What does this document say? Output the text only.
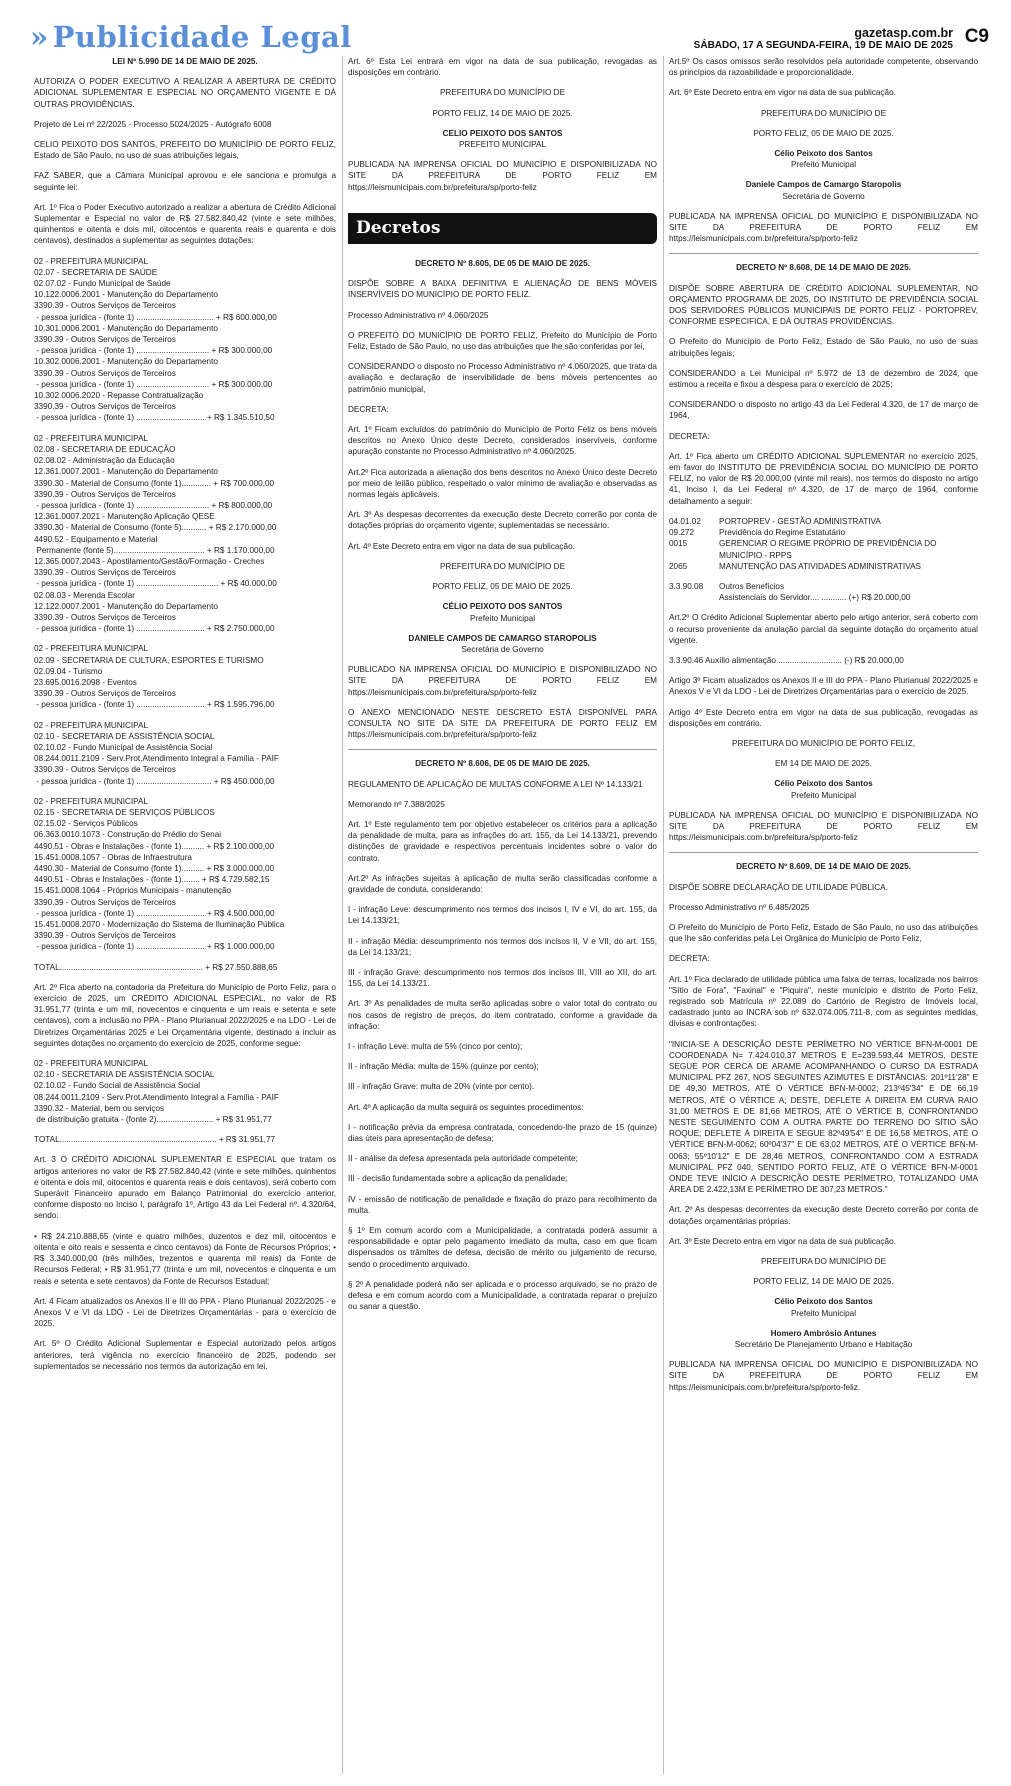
» Publicidade Legal	gazetasp.com.br
SÁBADO, 17 A SEGUNDA-FEIRA, 19 DE MAIO DE 2025 C9

LEI Nº 5.990 DE 14 DE MAIO DE 2025.

AUTORIZA O PODER EXECUTIVO A REALIZAR A ABERTURA DE CRÉDITO ADICIONAL SUPLEMENTAR E ESPECIAL NO ORÇAMENTO VIGENTE E DÁ OUTRAS PROVIDÊNCIAS.

Projeto de Lei nº 22/2025 - Processo 5024/2025 - Autógrafo 6008

CELIO PEIXOTO DOS SANTOS, PREFEITO DO MUNICÍPIO DE PORTO FELIZ, Estado de São Paulo, no uso de suas atribuições legais,

FAZ SABER, que a Câmara Municipal aprovou e ele sanciona e promulga a seguinte lei:

Art. 1º Fica o Poder Executivo autorizado a realizar a abertura de Crédito Adicional Suplementar e Especial no valor de R$ 27.582.840,42 (vinte e sete milhões, quinhentos e oitenta e dois mil, oitocentos e quarenta reais e quarenta e dois centavos), destinados a suplementar as seguintes dotações:

02 - PREFEITURA MUNICIPAL
02.07 - SECRETARIA DE SAÚDE
02.07.02 - Fundo Municipal de Saúde
10.122.0006.2001 - Manutenção do Departamento
3390.39 - Outros Serviços de Terceiros
- pessoa jurídica - (fonte 1) .................................. + R$ 600.000,00
10.301.0006.2001 - Manutenção do Departamento
3390.39 - Outros Serviços de Terceiros
- pessoa jurídica - (fonte 1) ................................ + R$ 300.000,00
10.302.0006.2001 - Manutenção do Departamento
3390.39 - Outros Serviços de Terceiros
- pessoa jurídica - (fonte 1) ................................ + R$ 300.000,00
10.302.0006.2020 - Repasse Contratualização
3390.39 - Outros Serviços de Terceiros
- pessoa jurídica - (fonte 1) .............................. + R$ 1.345.510,50
02 - PREFEITURA MUNICIPAL
02.08 - SECRETARIA DE EDUCAÇÃO
02.08.02 - Administração da Educação
12.361.0007.2001 - Manutenção do Departamento
3390.30 - Material de Consumo (fonte 1)............. + R$ 700.000,00
3390.39 - Outros Serviços de Terceiros
- pessoa jurídica - (fonte 1) ................................ + R$ 800.000,00
12.361.0007.2021 - Manutenção Aplicação QESE
3390.30 - Material de Consumo (fonte 5)........... + R$ 2.170.000,00
4490.52 - Equipamento e Material
Permanente (fonte 5)........................................ + R$ 1.170.000,00
12.365.0007.2043 - Apostilamento/Gestão/Formação - Creches
3390.39 - Outros Serviços de Terceiros
- pessoa jurídica - (fonte 1) .................................... + R$ 40.000,00
02.08.03 - Merenda Escolar
12.122.0007.2001 - Manutenção do Departamento
3390.39 - Outros Serviços de Terceiros
- pessoa jurídica - (fonte 1) .............................. + R$ 2.750.000,00
02 - PREFEITURA MUNICIPAL
02.09 - SECRETARIA DE CULTURA, ESPORTES E TURISMO
02.09.04 - Turismo
23.695.0016.2098 - Eventos
3390.39 - Outros Serviços de Terceiros
- pessoa jurídica - (fonte 1) .............................. + R$ 1.595.796,00
02 - PREFEITURA MUNICIPAL
02.10 - SECRETARIA DE ASSISTÊNCIA SOCIAL
02.10.02 - Fundo Municipal de Assistência Social
08.244.0011.2109 - Serv.Prot.Atendimento Integral a Família - PAIF
3390.39 - Outros Serviços de Terceiros
- pessoa jurídica - (fonte 1) ................................. + R$ 450.000,00
02 - PREFEITURA MUNICIPAL
02.15 - SECRETARIA DE SERVIÇOS PÚBLICOS
02.15.02 - Serviços Públicos
06.363.0010.1073 - Construção do Prédio do Senai
4490.51 - Obras e Instalações - (fonte 1).......... + R$ 2.100.000,00
15.451.0008.1057 - Obras de Infraestrutura
4490.30 - Material de Consumo (fonte 1).......... + R$ 3.000.000,00
4490.51 - Obras e Instalações - (fonte 1)........ + R$ 4.729.582,15
15.451.0008.1064 - Próprios Municipais - manutenção
3390.39 - Outros Serviços de Terceiros
- pessoa jurídica - (fonte 1) .............................. + R$ 4.500.000,00
15.451.0008.2070 - Modernização do Sistema de Iluminação Pública
3390.39 - Outros Serviços de Terceiros
- pessoa jurídica - (fonte 1) .............................. + R$ 1.000.000,00

TOTAL............................................................... + R$ 27.550.888,65

Art. 2º Fica aberto na contadoria da Prefeitura do Município de Porto Feliz, para o exercício de 2025, um CRÉDITO ADICIONAL ESPECIAL, no valor de R$ 31.951,77 (trinta e um mil, novecentos e cinquenta e um reais e setenta e sete centavos), com a inclusão no PPA - Plano Plurianual 2022/2025 e na LDO - Lei de Diretrizes Orçamentárias 2025 e Lei Orçamentária vigente, destinado a incluir as seguintes dotações no orçamento do exercício de 2025, conforme segue:

02 - PREFEITURA MUNICIPAL
02.10 - SECRETARIA DE ASSISTÊNCIA SOCIAL
02.10.02 - Fundo Social de Assistência Social
08.244.0011.2109 - Serv.Prot.Atendimento Integral a Família - PAIF
3390.32 - Material, bem ou serviços
de distribuição gratuita - (fonte 2)......................... + R$ 31.951,77

TOTAL..................................................................... + R$ 31.951,77

Art. 3 O CRÉDITO ADICIONAL SUPLEMENTAR E ESPECIAL que tratam os artigos anteriores no valor de R$ 27.582.840,42 (vinte e sete milhões, quinhentos e oitenta e dois mil, oitocentos e quarenta reais e dois centavos), será coberto com Superávit Financeiro apurado em Balanço Patrimonial do exercício anterior, conforme disposto no Inciso I, parágrafo 1º, Artigo 43 da Lei Federal nº. 4.320/64, sendo:

• R$ 24.210.888,65 (vinte e quatro milhões, duzentos e dez mil, oitocentos e oitenta e oito reais e sessenta e cinco centavos) da Fonte de Recursos Próprios; • R$ 3.340.000,00 (três milhões, trezentos e quarenta mil reais) da Fonte de Recursos Federal; • R$ 31.951,77 (trinta e um mil, novecentos e cinquenta e um reais e setenta e sete centavos) da Fonte de Recursos Estadual;

Art. 4 Ficam atualizados os Anexos II e III do PPA - Plano Plurianual 2022/2025 - e Anexos V e VI da LDO - Lei de Diretrizes Orçamentárias - para o exercício de 2025.

Art. 5º O Crédito Adicional Suplementar e Especial autorizado pelos artigos anteriores, terá vigência no exercício financeiro de 2025, podendo ser suplementados se necessário nos termos da autorização em lei.

Art. 6º Esta Lei entrará em vigor na data de sua publicação, revogadas as disposições em contrário.

PREFEITURA DO MUNICÍPIO DE

PORTO FELIZ, 14 DE MAIO DE 2025.

CELIO PEIXOTO DOS SANTOS

PREFEITO MUNICIPAL

PUBLICADA NA IMPRENSA OFICIAL DO MUNICÍPIO E DISPONIBILIZADA NO SITE DA PREFEITURA DE PORTO FELIZ EM https://leismunicipais.com.br/prefeitura/sp/porto-feliz

Decretos

DECRETO Nº 8.605, DE 05 DE MAIO DE 2025.

DISPÕE SOBRE A BAIXA DEFINITIVA E ALIENAÇÃO DE BENS MÓVEIS INSERVÍVEIS DO MUNICÍPIO DE PORTO FELIZ.

Processo Administrativo nº 4.060/2025

O PREFEITO DO MUNICÍPIO DE PORTO FELIZ, Prefeito do Município de Porto Feliz, Estado de São Paulo, no uso das atribuições que lhe são conferidas por lei,

CONSIDERANDO o disposto no Processo Administrativo nº 4.060/2025, que trata da avaliação e declaração de inservibilidade de bens móveis pertencentes ao patrimônio municipal,

DECRETA:

Art. 1º Ficam excluídos do patrimônio do Município de Porto Feliz os bens móveis descritos no Anexo Único deste Decreto, considerados inservíveis, conforme apuração constante no Processo Administrativo nº 4.060/2025.

Art.2º Fica autorizada a alienação dos bens descritos no Anexo Único deste Decreto por meio de leilão público, respeitado o valor mínimo de avaliação e observadas as normas legais aplicáveis.

Art. 3º As despesas decorrentes da execução deste Decreto correrão por conta de dotações próprias do orçamento vigente, suplementadas se necessário.

Art. 4º Este Decreto entra em vigor na data de sua publicação.

PREFEITURA DO MUNICÍPIO DE

PORTO FELIZ, 05 DE MAIO DE 2025.

CÉLIO PEIXOTO DOS SANTOS

Prefeito Municipal

DANIELE CAMPOS DE CAMARGO STAROPOLIS

Secretária de Governo

PUBLICADO NA IMPRENSA OFICIAL DO MUNICÍPIO E DISPONIBILIZADO NO SITE DA PREFEITURA DE PORTO FELIZ EM https://leismunicipais.com.br/prefeitura/sp/porto-feliz

O ANEXO MENCIONADO NESTE DESCRETO ESTÁ DISPONÍVEL PARA CONSULTA NO SITE DA SITE DA PREFEITURA DE PORTO FELIZ EM https://leismunicipais.com.br/prefeitura/sp/porto-feliz

DECRETO Nº 8.606, DE 05 DE MAIO DE 2025.

REGULAMENTO DE APLICAÇÃO DE MULTAS CONFORME A LEI Nº 14.133/21

Memorando nº 7.388/2025

Art. 1º Este regulamento tem por objetivo estabelecer os critérios para a aplicação da penalidade de multa, para as infrações do art. 155, da Lei 14.133/21, prevendo distinções de gravidade e respectivos percentuais incidentes sobre o valor do contrato.

Art.2º As infrações sujeitas à aplicação de multa serão classificadas conforme a gravidade de conduta, considerando:

I - infração Leve: descumprimento nos termos dos incisos I, IV e VI, do art. 155, da Lei 14.133/21;

II - infração Média: descumprimento nos termos dos incisos II, V e VII, do art. 155, da Lei 14.133/21;

III - infração Grave: descumprimento nos termos dos incisos III, VIII ao XII, do art. 155, da Lei 14.133/21.

Art. 3º As penalidades de multa serão aplicadas sobre o valor total do contrato ou nos casos de registro de preços, do item contratado, conforme a gravidade da infração:

I - infração Leve: multa de 5% (cinco por cento);

II - infração Média: multa de 15% (quinze por cento);

III - infração Grave: multa de 20% (vinte por cento).

Art. 4º A aplicação da multa seguirá os seguintes procedimentos:

I - notificação prévia da empresa contratada, concedendo-lhe prazo de 15 (quinze) dias úteis para apresentação de defesa;

II - análise da defesa apresentada pela autoridade competente;

III - decisão fundamentada sobre a aplicação da penalidade;

IV - emissão de notificação de penalidade e fixação do prazo para recolhimento da multa.

§ 1º Em comum acordo com a Municipalidade, a contratada poderá assumir a responsabilidade e optar pelo pagamento imediato da multa, caso em que ficam dispensados os trâmites de defesa, decisão de mérito ou julgamento de recurso, sendo o procedimento arquivado.

§ 2º A penalidade poderá não ser aplicada e o processo arquivado, se no prazo de defesa e em comum acordo com a Municipalidade, a contratada reparar o prejuízo ou sanar a questão.

Art.5º Os casos omissos serão resolvidos pela autoridade competente, observando os princípios da razoabilidade e proporcionalidade.

Art. 6º Este Decreto entra em vigor na data de sua publicação.

PREFEITURA DO MUNICÍPIO DE

PORTO FELIZ, 05 DE MAIO DE 2025.

Célio Peixoto dos Santos

Prefeito Municipal

Daniele Campos de Camargo Staropolis

Secretária de Governo

PUBLICADA NA IMPRENSA OFICIAL DO MUNICÍPIO E DISPONIBILIZADA NO SITE DA PREFEITURA DE PORTO FELIZ EM https://leismunicipais.com.br/prefeitura/sp/porto-feliz

DECRETO Nº 8.608, DE 14 DE MAIO DE 2025.

DISPÕE SOBRE ABERTURA DE CRÉDITO ADICIONAL SUPLEMENTAR, NO ORÇAMENTO PROGRAMA DE 2025, DO INSTITUTO DE PREVIDÊNCIA SOCIAL DOS SERVIDORES PÚBLICOS MUNICIPAIS DE PORTO FELIZ - PORTOPREV, CONFORME ESPECIFICA, E DÁ OUTRAS PROVIDÊNCIAS.

O Prefeito do Município de Porto Feliz, Estado de São Paulo, no uso de suas atribuições legais;

CONSIDERANDO a Lei Municipal nº 5.972 de 13 de dezembro de 2024, que estimou a receita e fixou a despesa para o exercício de 2025;

CONSIDERANDO o disposto no artigo 43 da Lei Federal 4.320, de 17 de março de 1964,

DECRETA:

Art. 1º Fica aberto um CRÉDITO ADICIONAL SUPLEMENTAR no exercício 2025, em favor do INSTITUTO DE PREVIDÊNCIA SOCIAL DO MUNICÍPIO DE PORTO FELIZ, no valor de R$ 20.000,00 (vinte mil reais), nos termos do disposto no artigo 41, Inciso I, da Lei Federal nº 4.320, de 17 de março de 1964, conforme detalhamento a seguir:

04.01.02	PORTOPREV - GESTÃO ADMINISTRATIVA
09.272	Previdência do Regime Estatutário
0015	GERENCIAR O REGIME PRÓPRIO DE PREVIDÊNCIA DO MUNICÍPIO - RPPS
2065	MANUTENÇÃO DAS ATIVIDADES ADMINISTRATIVAS
3.3.90.08	Outros Benefícios
Assistenciais do Servidor.... ........... (+) R$ 20.000,00

Art.2º O Crédito Adicional Suplementar aberto pelo artigo anterior, será coberto com o recurso proveniente da anulação parcial da seguinte dotação do orçamento atual vigente.

3.3.90.46 Auxílio alimentação ............................ (-) R$ 20.000,00

Artigo 3º Ficam atualizados os Anexos II e III do PPA - Plano Plurianual 2022/2025 e Anexos V e VI da LDO - Lei de Diretrizes Orçamentárias para o exercício de 2025.

Artigo 4º Este Decreto entra em vigor na data de sua publicação, revogadas as disposições em contrário.

PREFEITURA DO MUNICÍPIO DE PORTO FELIZ,

EM 14 DE MAIO DE 2025.

Célio Peixoto dos Santos

Prefeito Municipal

PUBLICADA NA IMPRENSA OFICIAL DO MUNICÍPIO E DISPONIBILIZADA NO SITE DA PREFEITURA DE PORTO FELIZ EM https://leismunicipais.com.br/prefeitura/sp/porto-feliz

DECRETO Nº 8.609, DE 14 DE MAIO DE 2025.

DISPÕE SOBRE DECLARAÇÃO DE UTILIDADE PÚBLICA.

Processo Administrativo nº 6.485/2025

O Prefeito do Município de Porto Feliz, Estado de São Paulo, no uso das atribuições que lhe são conferidas pela Lei Orgânica do Município de Porto Feliz,

DECRETA:

Art. 1º Fica declarado de utilidade pública uma faixa de terras, localizada nos bairros "Sítio de Fora", "Faxinal" e "Piquira", neste município e distrito de Porto Feliz, registrado sob Matrícula nº 22.089 do Cartório de Registro de Imóveis local, cadastrado junto ao INCRA sob nº 632.074.005.711-8, com as seguintes medidas, divisas e confrontações:

"INICIA-SE A DESCRIÇÃO DESTE PERÍMETRO NO VÉRTICE BFN-M-0001 DE COORDENADA N= 7.424.010,37 METROS E E=239.593,44 METROS, DESTE SEGUE POR CERCA DE ARAME ACOMPANHANDO O CURSO DA ESTRADA MUNICIPAL PFZ 267, NOS SEGUINTES AZIMUTES E DISTÂNCIAS: 201º11'28" E DE 49,30 METROS, ATÉ O VÉRTICE BFN-M-0002; 213º45'34" E DE 66,19 METROS, ATÉ O VÉRTICE A; DESTE, DEFLETE À DIREITA EM CURVA RAIO 31,00 METROS E DE 81,66 METROS, ATÉ O VÉRTICE B, CONFRONTANDO NESTE SEGUIMENTO COM A OUTRA PARTE DO TERRENO DO SÍTIO SÃO ROQUE; DEFLETE À DIREITA E SEGUE 82º49'54" E DE 16,58 METROS, ATÉ O VÉRTICE BFN-M-0062; 60º04'37" E DE 63,02 METROS, ATÉ O VÉRTICE BFN-M-0063; 55º10'12" E DE 28,46 METROS, CONFRONTANDO COM A ESTRADA MUNICIPAL PFZ 040, SENTIDO PORTO FELIZ, ATÉ O VÉRTICE BFN-M-0001 ONDE TEVE INÍCIO A DESCRIÇÃO DESTE PERÍMETRO, TOTALIZANDO UMA ÁREA DE 2.422,13M E PERÍMETRO DE 307,23 METROS."

Art. 2º As despesas decorrentes da execução deste Decreto correrão por conta de dotações orçamentárias próprias.

Art. 3º Este Decreto entra em vigor na data de sua publicação.

PREFEITURA DO MUNICÍPIO DE

PORTO FELIZ, 14 DE MAIO DE 2025.

Célio Peixoto dos Santos

Prefeito Municipal

Homero Ambrósio Antunes

Secretário De Planejamento Urbano e Habitação

PUBLICADA NA IMPRENSA OFICIAL DO MUNICÍPIO E DISPONIBILIZADA NO SITE DA PREFEITURA DE PORTO FELIZ EM https://leismunicipais.com.br/prefeitura/sp/porto-feliz.
